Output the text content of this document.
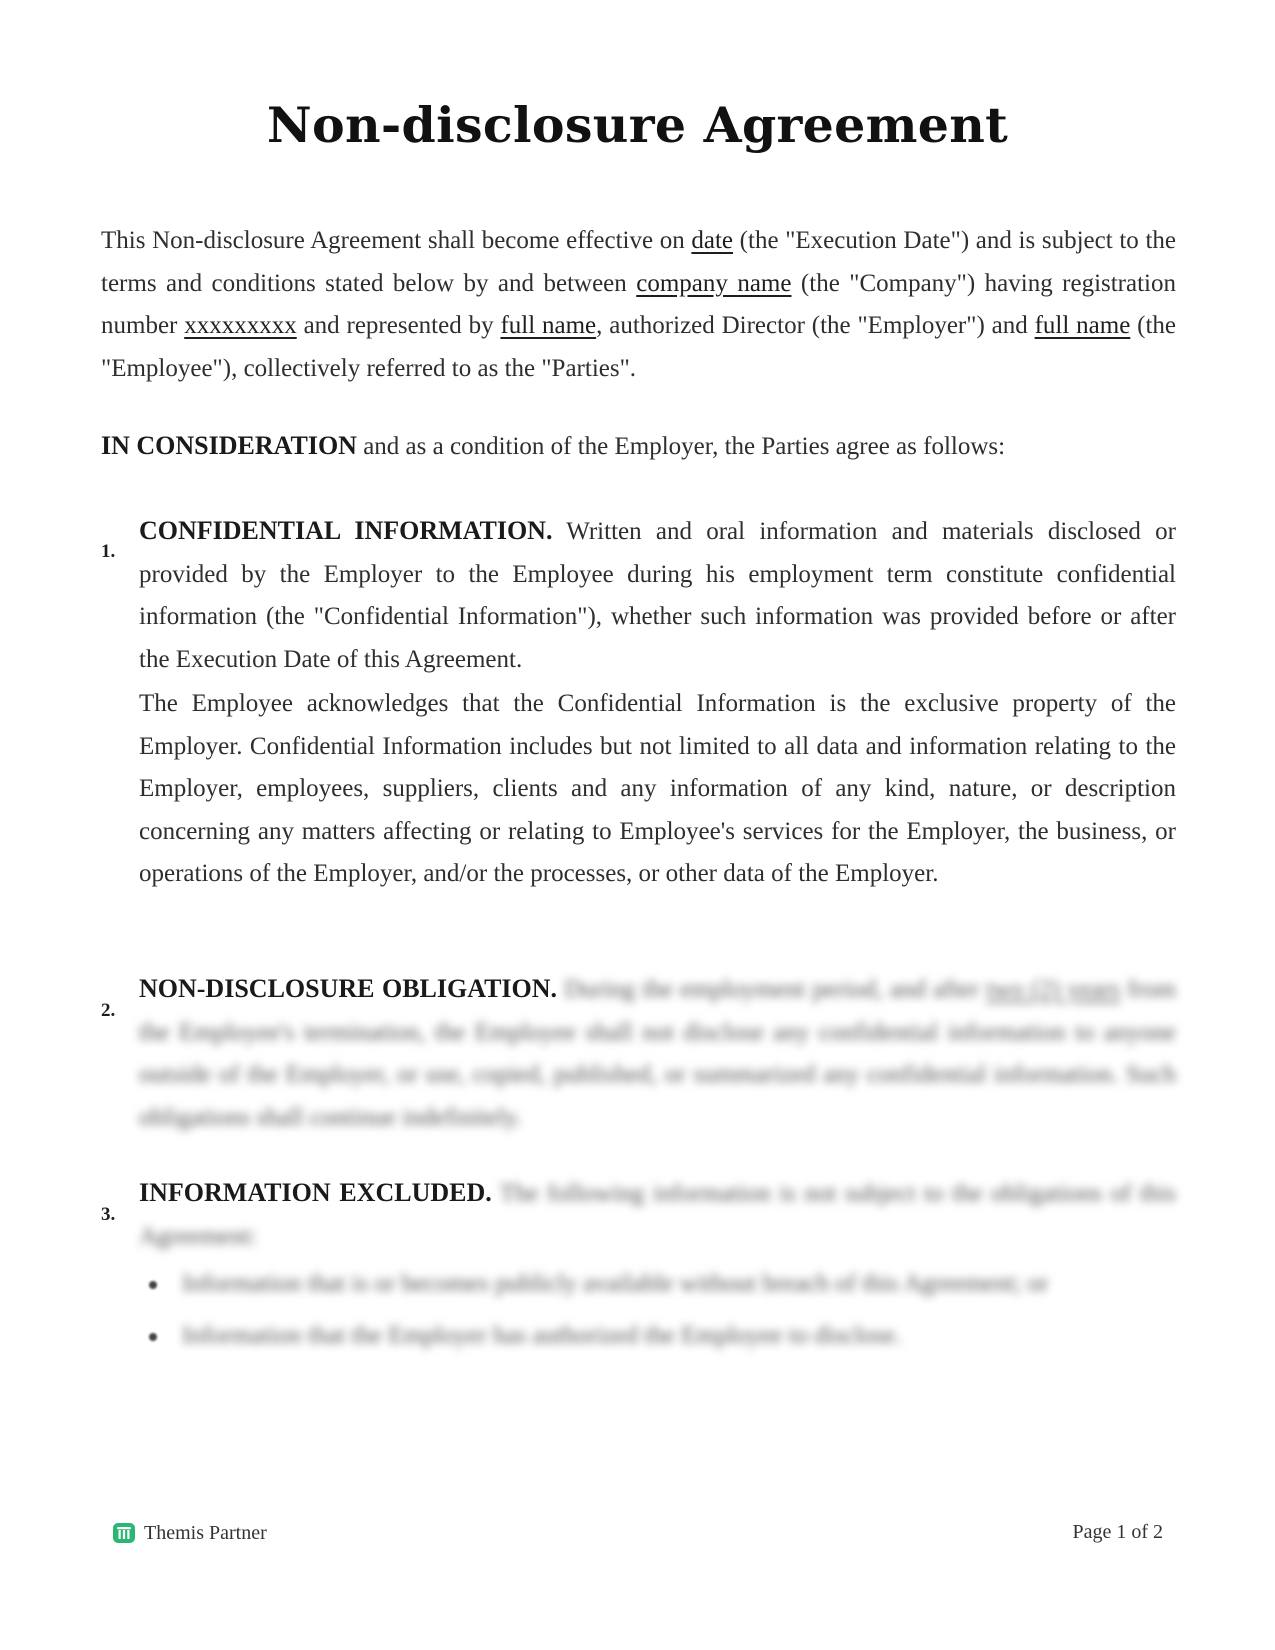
Non-disclosure Agreement
This Non-disclosure Agreement shall become effective on date (the "Execution Date") and is subject to the terms and conditions stated below by and between company name (the "Company") having registration number xxxxxxxxx and represented by full name, authorized Director (the "Employer") and full name (the "Employee"), collectively referred to as the "Parties".
IN CONSIDERATION and as a condition of the Employer, the Parties agree as follows:
1.
CONFIDENTIAL INFORMATION. Written and oral information and materials disclosed or provided by the Employer to the Employee during his employment term constitute confidential information (the "Confidential Information"), whether such information was provided before or after the Execution Date of this Agreement.
The Employee acknowledges that the Confidential Information is the exclusive property of the Employer. Confidential Information includes but not limited to all data and information relating to the Employer, employees, suppliers, clients and any information of any kind, nature, or description concerning any matters affecting or relating to Employee's services for the Employer, the business, or operations of the Employer, and/or the processes, or other data of the Employer.
2.
NON-DISCLOSURE OBLIGATION. During the employment period, and after two (2) years from the Employee's termination, the Employee shall not disclose any confidential information to anyone outside of the Employer, or use, copied, published, or summarized any confidential information. Such obligations shall continue indefinitely.
3.
INFORMATION EXCLUDED. The following information is not subject to the obligations of this Agreement:
Information that is or becomes publicly available without breach of this Agreement; or
Information that the Employer has authorized the Employee to disclose.
Themis Partner	Page 1 of 2
